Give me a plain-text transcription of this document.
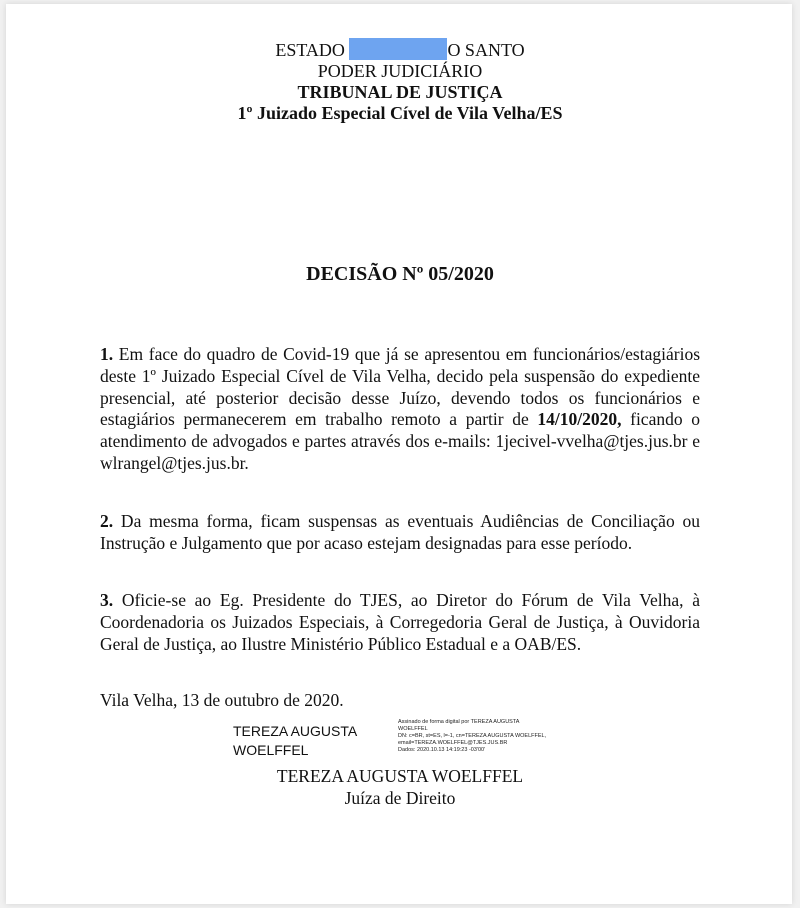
ESTADO	O SANTO
PODER JUDICIÁRIO
TRIBUNAL DE JUSTIÇA
1º Juizado Especial Cível de Vila Velha/ES
DECISÃO Nº 05/2020
1. Em face do quadro de Covid-19 que já se apresentou em funcionários/estagiários deste 1º Juizado Especial Cível de Vila Velha, decido pela suspensão do expediente presencial, até posterior decisão desse Juízo, devendo todos os funcionários e estagiários permanecerem em trabalho remoto a partir de 14/10/2020, ficando o atendimento de advogados e partes através dos e-mails: 1jecivel-vvelha@tjes.jus.br e wlrangel@tjes.jus.br.
2. Da mesma forma, ficam suspensas as eventuais Audiências de Conciliação ou Instrução e Julgamento que por acaso estejam designadas para esse período.
3. Oficie-se ao Eg. Presidente do TJES, ao Diretor do Fórum de Vila Velha, à Coordenadoria os Juizados Especiais, à Corregedoria Geral de Justiça, à Ouvidoria Geral de Justiça, ao Ilustre Ministério Público Estadual e a OAB/ES.
Vila Velha, 13 de outubro de 2020.
TEREZA AUGUSTA
WOELFFEL
Assinado de forma digital por TEREZA AUGUSTA
WOELFFEL
DN: c=BR, st=ES, l=-1, cn=TEREZA AUGUSTA WOELFFEL,
email=TEREZA.WOELFFEL@TJES.JUS.BR
Dados: 2020.10.13 14:19:23 -03'00'
TEREZA AUGUSTA WOELFFEL
Juíza de Direito
